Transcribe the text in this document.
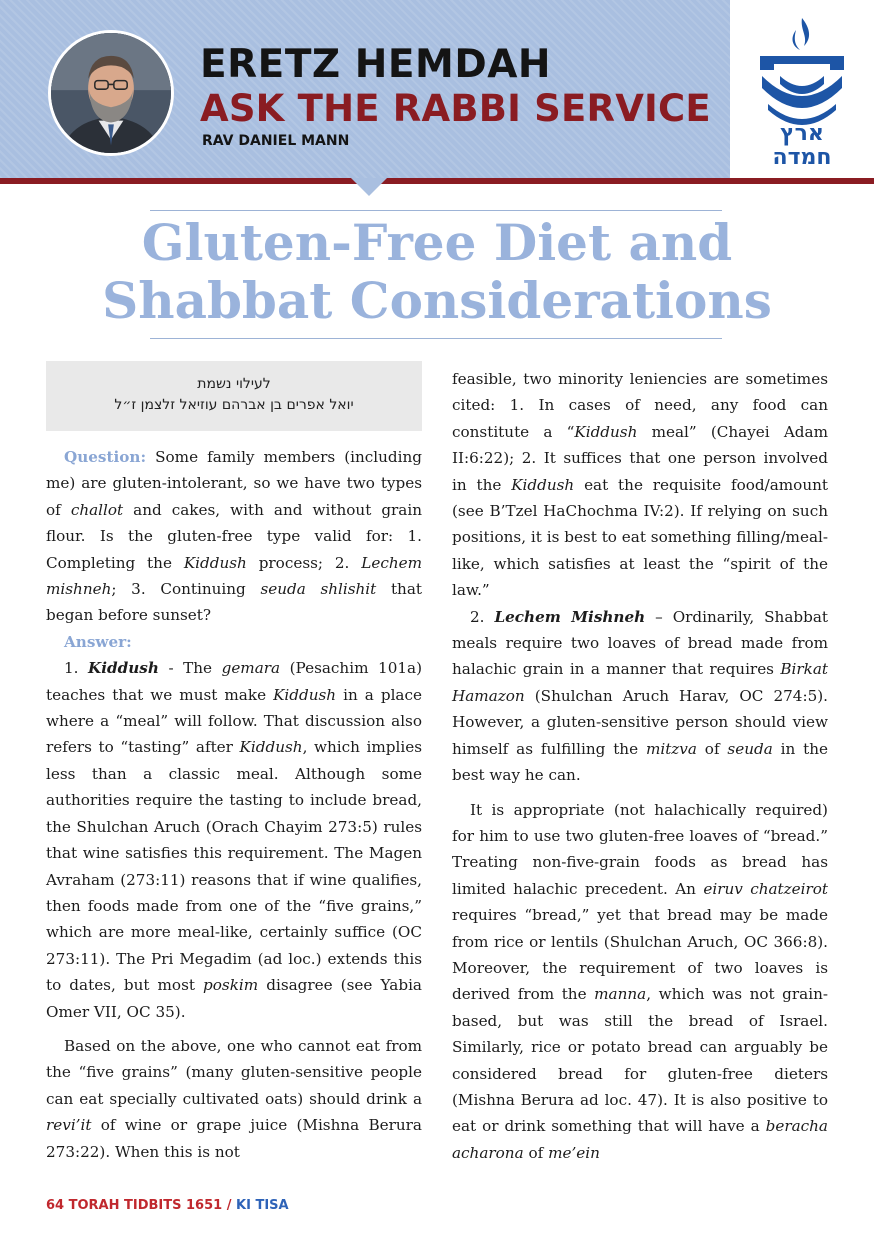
ERETZ HEMDAH
ASK THE RABBI SERVICE
RAV DANIEL MANN	ארץ
חמדה
Gluten-Free Diet and
Shabbat Considerations
לעילוי נשמת
יואל אפרים בן אברהם עוזיאל זלצמן ז״ל

Question: Some family members (including me) are gluten-intolerant, so we have two types of challot and cakes, with and without grain flour. Is the gluten-free type valid for: 1. Completing the Kiddush process; 2. Lechem mishneh; 3. Continuing seuda shlishit that began before sunset?

Answer:

1. Kiddush - The gemara (Pesachim 101a) teaches that we must make Kiddush in a place where a “meal” will follow. That discussion also refers to “tasting” after Kiddush, which implies less than a classic meal. Although some authorities require the tasting to include bread, the Shulchan Aruch (Orach Chayim 273:5) rules that wine satisfies this requirement. The Magen Avraham (273:11) reasons that if wine qualifies, then foods made from one of the “five grains,” which are more meal-like, certainly suffice (OC 273:11). The Pri Megadim (ad loc.) extends this to dates, but most poskim disagree (see Yabia Omer VII, OC 35).

Based on the above, one who cannot eat from the “five grains” (many gluten-sensitive people can eat specially cultivated oats) should drink a revi’it of wine or grape juice (Mishna Berura 273:22). When this is not

feasible, two minority leniencies are sometimes cited: 1. In cases of need, any food can constitute a “Kiddush meal” (Chayei Adam II:6:22); 2. It suffices that one person involved in the Kiddush eat the requisite food/amount (see B’Tzel HaChochma IV:2). If relying on such positions, it is best to eat something filling/meal-like, which satisfies at least the “spirit of the law.”

2. Lechem Mishneh – Ordinarily, Shabbat meals require two loaves of bread made from halachic grain in a manner that requires Birkat Hamazon (Shulchan Aruch Harav, OC 274:5). However, a gluten-sensitive person should view himself as fulfilling the mitzva of seuda in the best way he can.

It is appropriate (not halachically required) for him to use two gluten-free loaves of “bread.” Treating non-five-grain foods as bread has limited halachic precedent. An eiruv chatzeirot requires “bread,” yet that bread may be made from rice or lentils (Shulchan Aruch, OC 366:8). Moreover, the requirement of two loaves is derived from the manna, which was not grain-based, but was still the bread of Israel. Similarly, rice or potato bread can arguably be considered bread for gluten-free dieters (Mishna Berura ad loc. 47). It is also positive to eat or drink something that will have a beracha acharona of me’ein

64 TORAH TIDBITS 1651 / KI TISA
